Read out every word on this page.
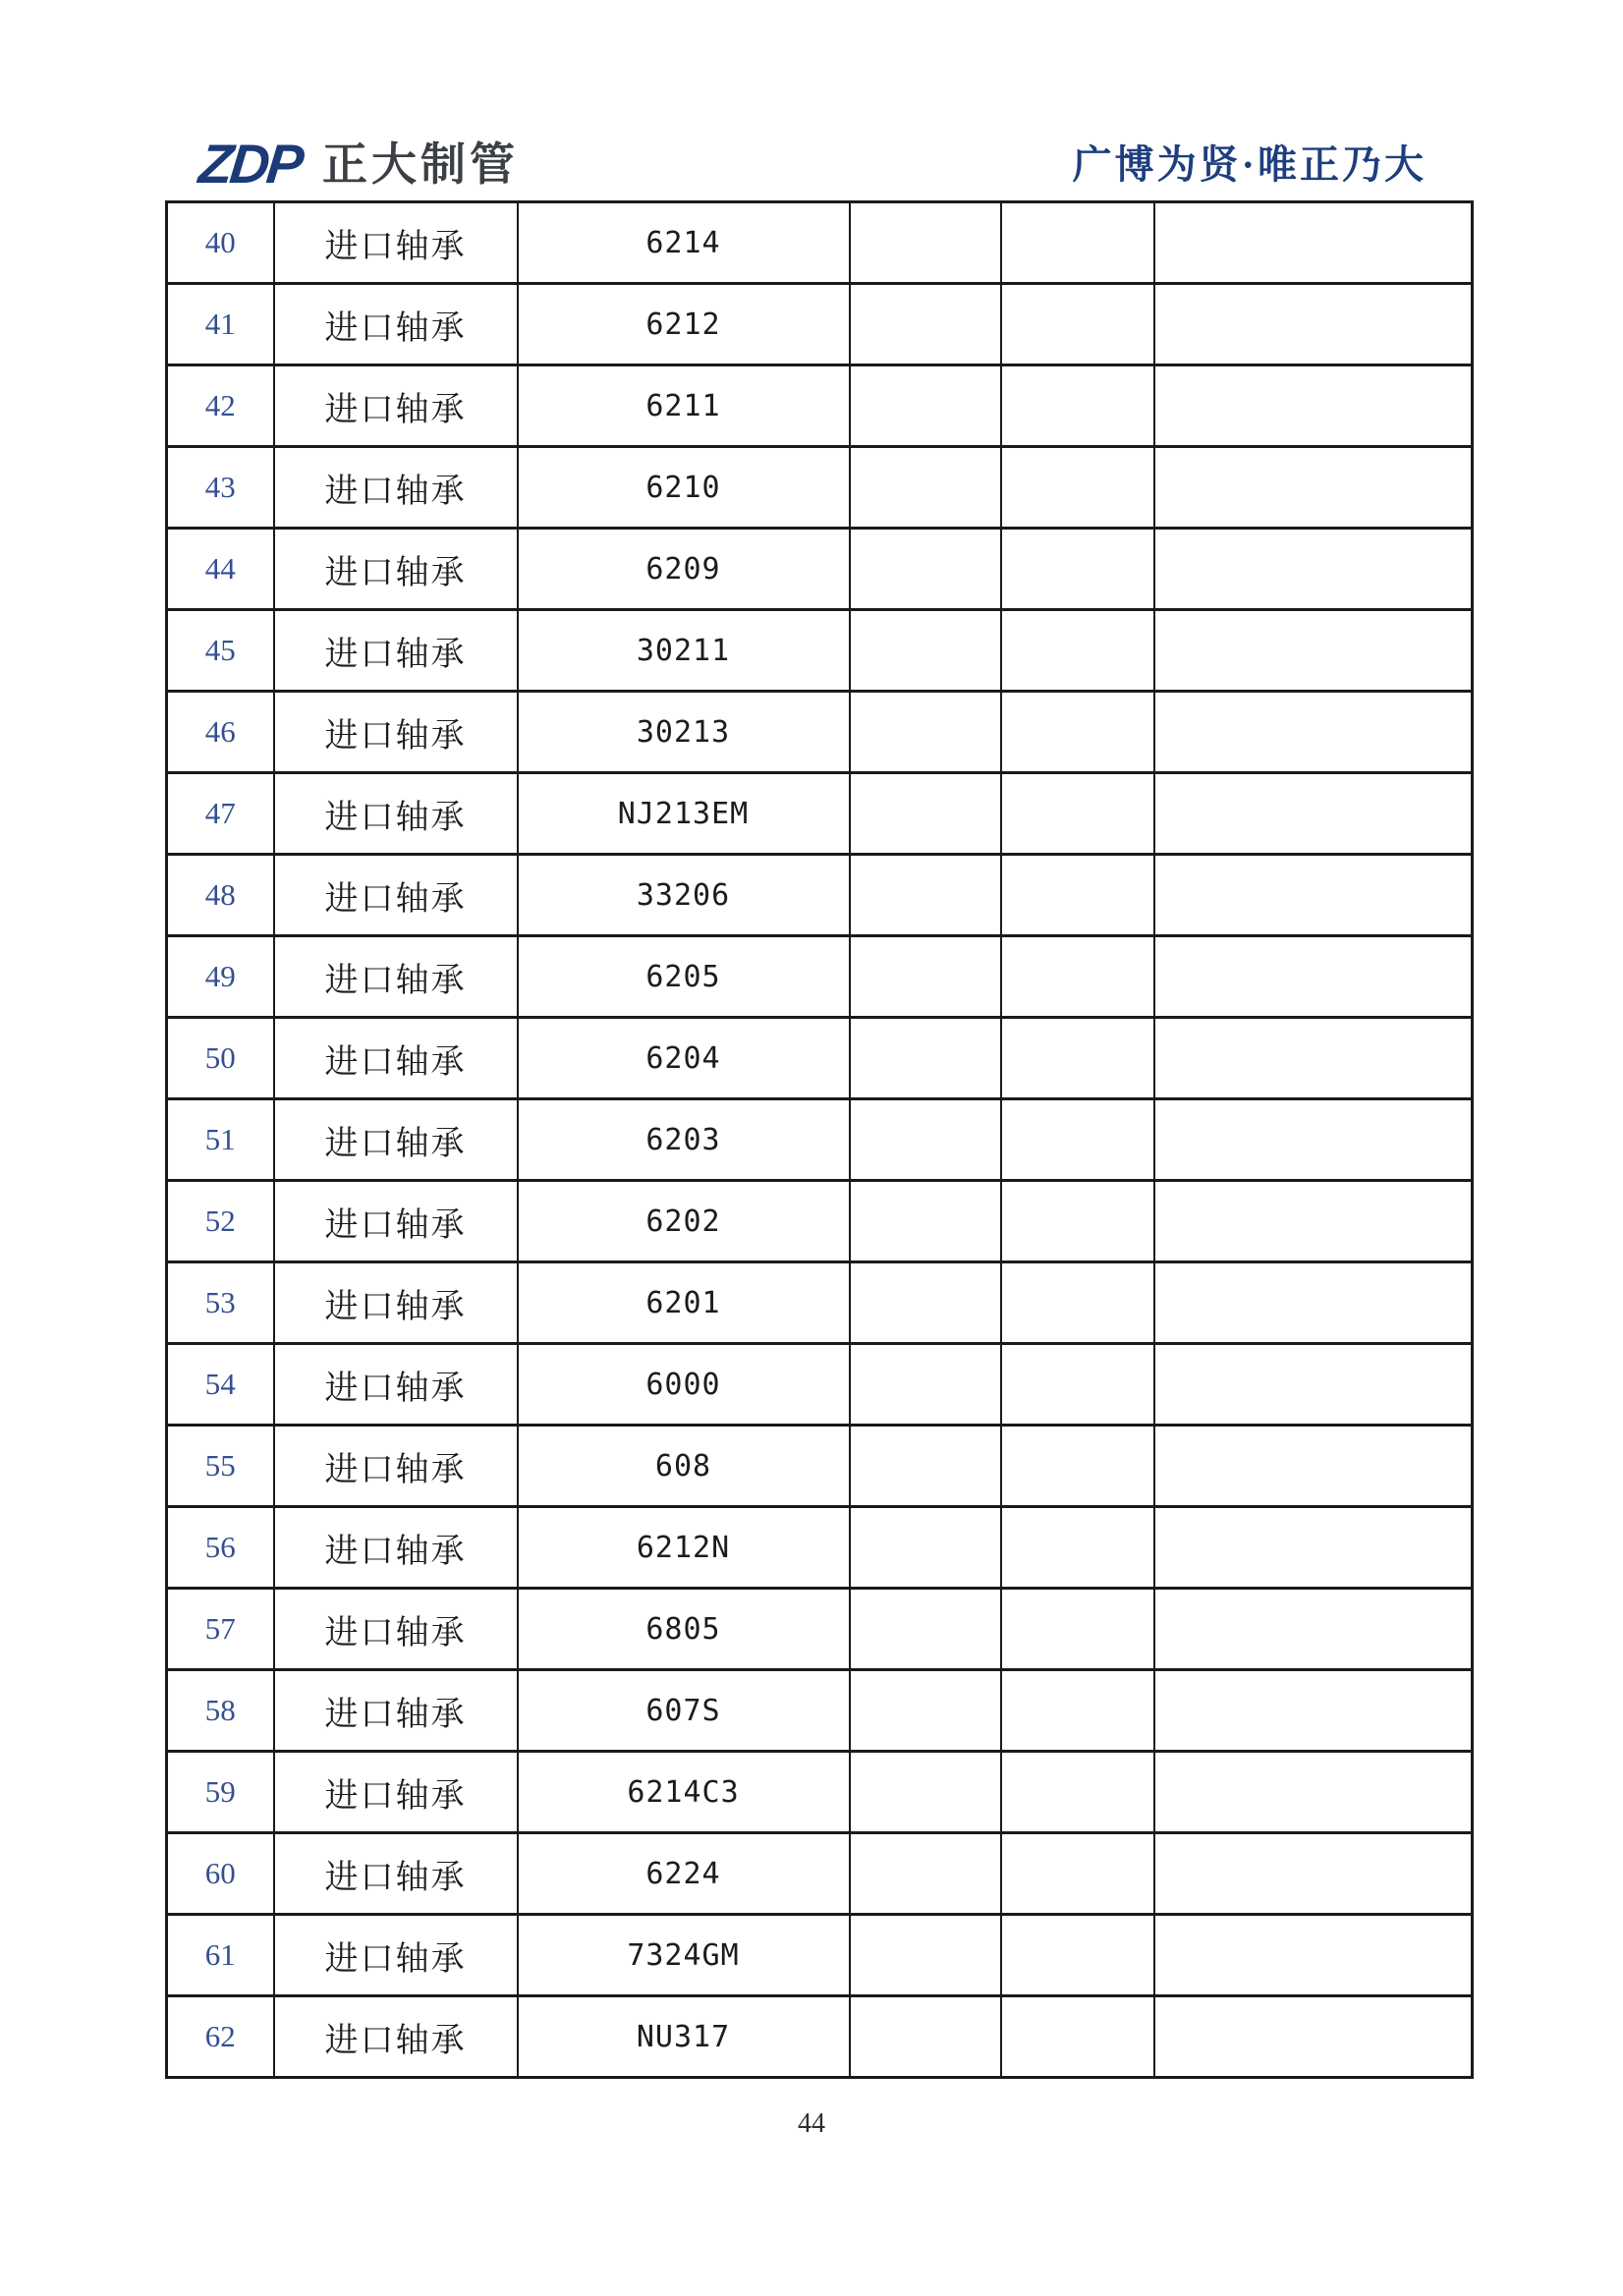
ZDP 正大制管	广博为贤·唯正乃大
40	进口轴承	6214			
41	进口轴承	6212			
42	进口轴承	6211			
43	进口轴承	6210			
44	进口轴承	6209			
45	进口轴承	30211			
46	进口轴承	30213			
47	进口轴承	NJ213EM			
48	进口轴承	33206			
49	进口轴承	6205			
50	进口轴承	6204			
51	进口轴承	6203			
52	进口轴承	6202			
53	进口轴承	6201			
54	进口轴承	6000			
55	进口轴承	608			
56	进口轴承	6212N			
57	进口轴承	6805			
58	进口轴承	607S			
59	进口轴承	6214C3			
60	进口轴承	6224			
61	进口轴承	7324GM			
62	进口轴承	NU317			
44
